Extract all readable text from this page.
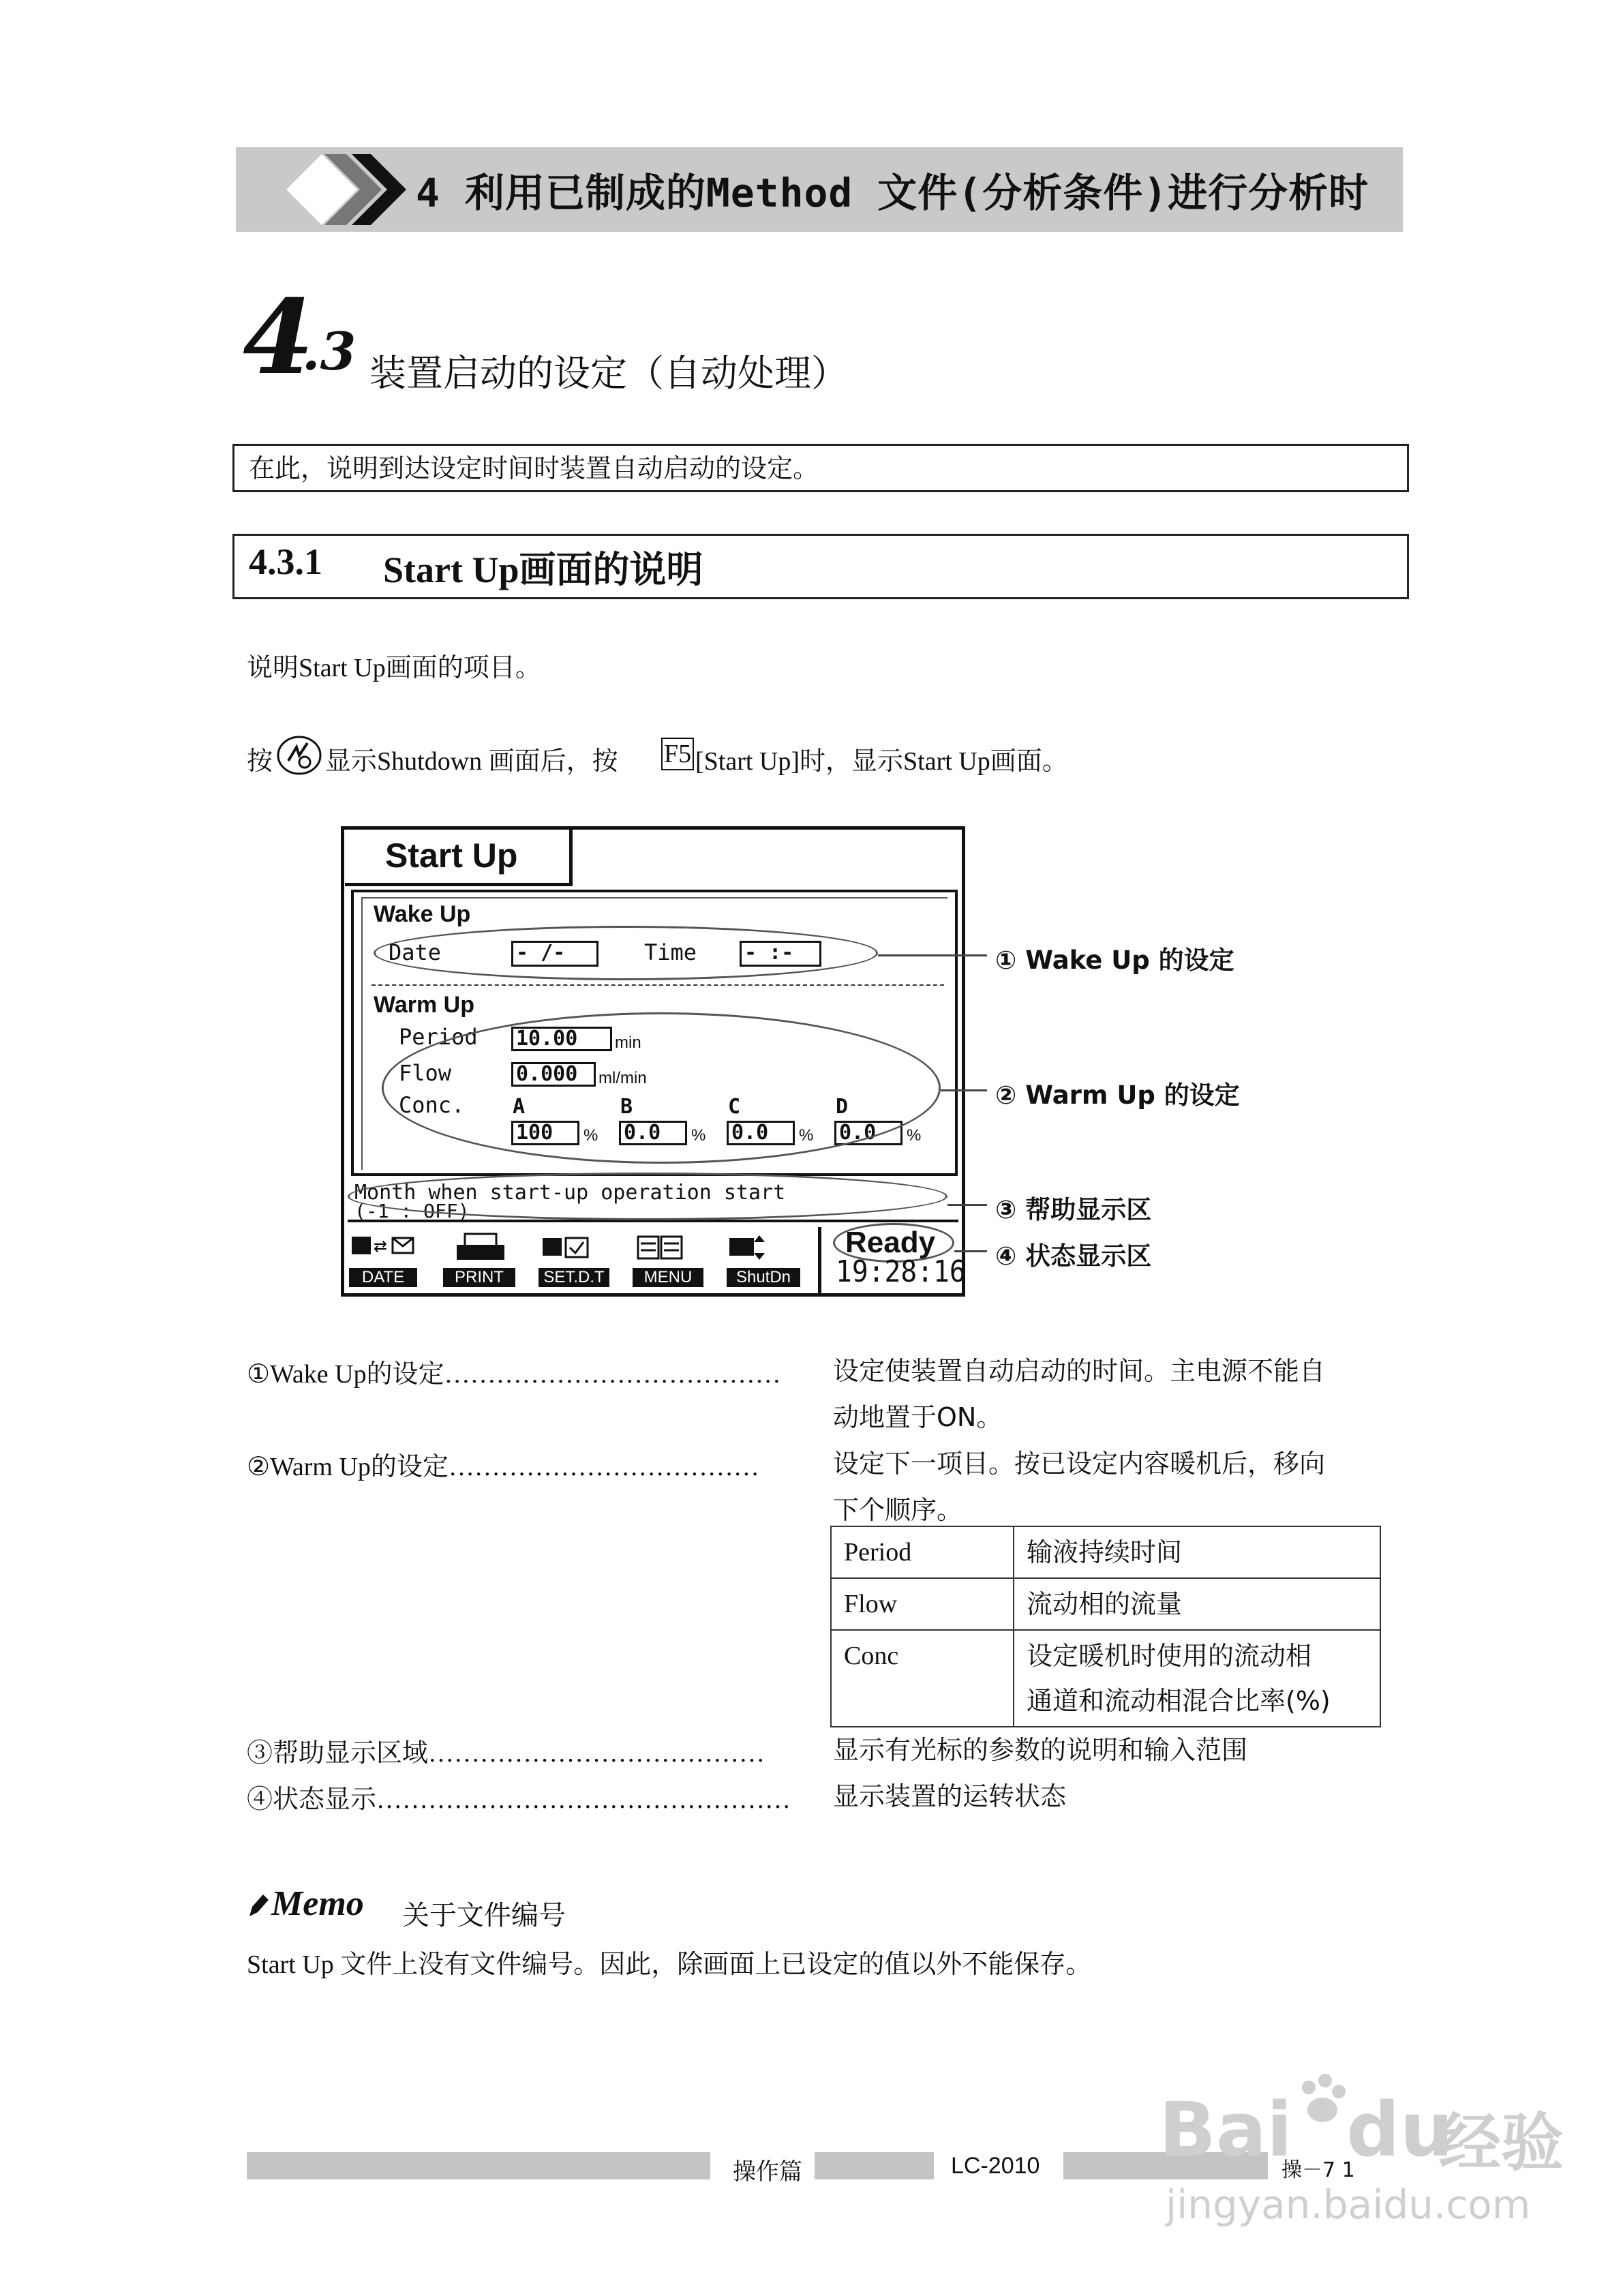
4 利用已制成的Method 文件(分析条件)进行分析时
4
.3 装置启动的设定（自动处理）
在此，说明到达设定时间时装置自动启动的设定。
4.3.1 Start Up画面的说明
说明Start Up画面的项目。
按 显示Shutdown 画面后，按 F5 [Start Up]时，显示Start Up画面。
Start Up
Wake Up
Date	- /-	Time - :-
Warm Up
Period 10.00	min
Flow	0.000	ml/min
Conc. A	B	C	D
100	% 0.0	% 0.0	% 0.0	%
Month when start-up operation start
(-1 : OFF)
⇄
DATE	PRINT	SET.D.T	MENU	ShutDn
Ready
19:28:16
① Wake Up 的设定
② Warm Up 的设定
③ 帮助显示区
④ 状态显示区
①Wake Up的设定………………………………… 设定使装置自动启动的时间。主电源不能自
动地置于ON。
②Warm Up的设定………………………………	设定下一项目。按已设定内容暖机后，移向
下个顺序。
Period	输液持续时间
Flow	流动相的流量
Conc	设定暖机时使用的流动相
通道和流动相混合比率(%)
③帮助显示区域…………………………………	显示有光标的参数的说明和输入范围
④状态显示………………………………………… 显示装置的运转状态
Memo 关于文件编号
Start Up 文件上没有文件编号。因此，除画面上已设定的值以外不能保存。
操作篇	LC-2010	操－7 1
Bai du
经验
jingyan.baidu.com
